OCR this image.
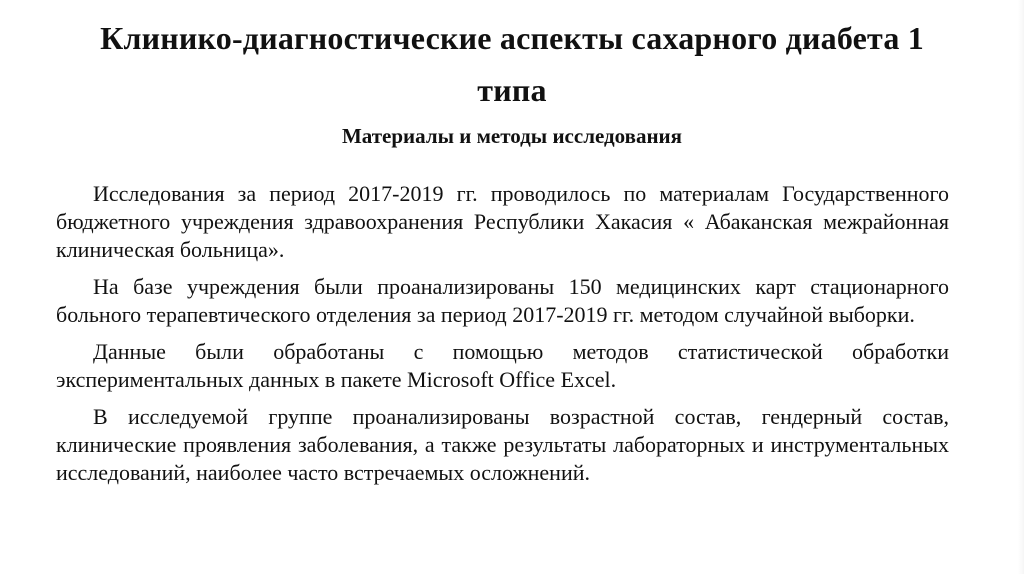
Клинико-диагностические аспекты сахарного диабета 1 типа
Материалы и методы исследования

Исследования за период 2017-2019 гг. проводилось по материалам Государственного бюджетного учреждения здравоохранения Республики Хакасия « Абаканская межрайонная клиническая больница».

На базе учреждения были проанализированы 150 медицинских карт стационарного больного терапевтического отделения за период 2017-2019 гг. методом случайной выборки.

Данные были обработаны с помощью методов статистической обработки экспериментальных данных в пакете Microsoft Office Excel.

В исследуемой группе проанализированы возрастной состав, гендерный состав, клинические проявления заболевания, а также результаты лабораторных и инструментальных исследований, наиболее часто встречаемых осложнений.
